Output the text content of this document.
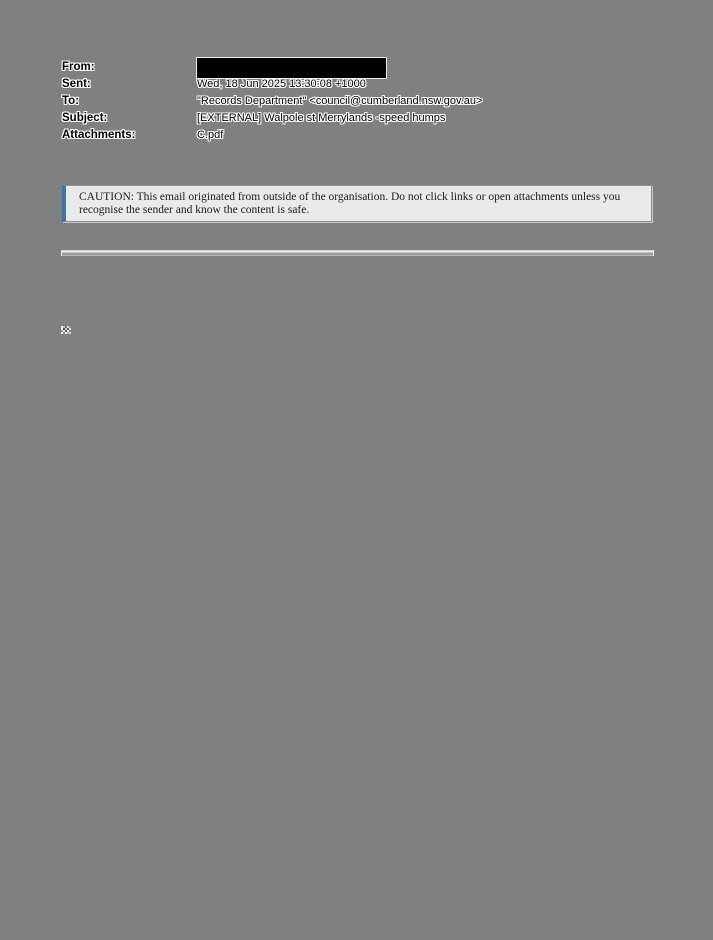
From:
Sent:	Wed, 18 Jun 2025 13:30:08 +1000
To:	"Records Department" <council@cumberland.nsw.gov.au>
Subject:	[EXTERNAL] Walpole st Merrylands -speed humps
Attachments:	C.pdf
CAUTION: This email originated from outside of the organisation. Do not click links or open attachments unless you recognise the sender and know the content is safe.
